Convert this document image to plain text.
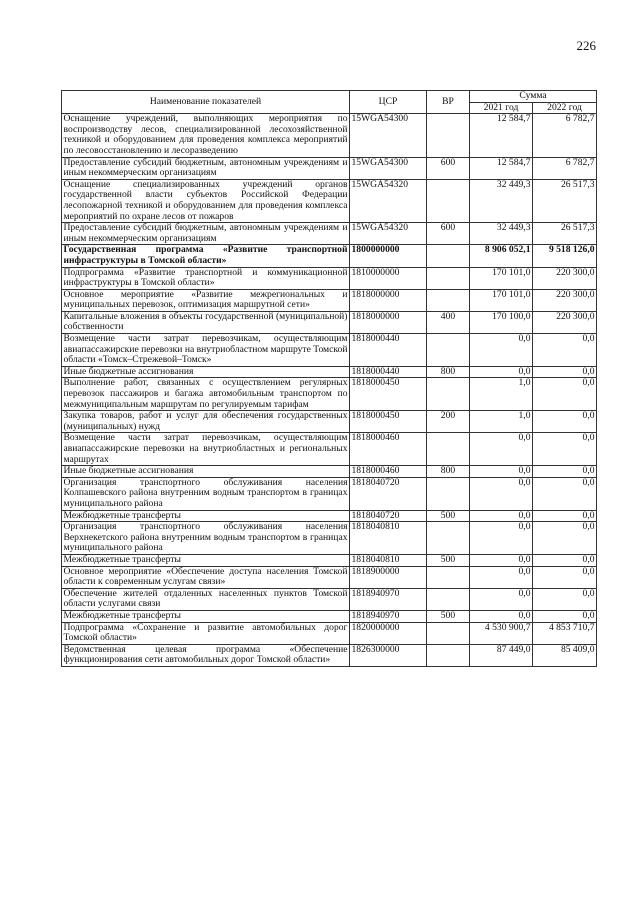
226
Наименование показателей	ЦСР	ВР	Сумма	
			2021 год	2022 год
Оснащение учреждений, выполняющих мероприятия по воспроизводству лесов, специализированной лесохозяйственной техникой и оборудованием для проведения комплекса мероприятий по лесовосстановлению и лесоразведению	15WGA54300		12 584,7	6 782,7
Предоставление субсидий бюджетным, автономным учреждениям и иным некоммерческим организациям	15WGA54300	600	12 584,7	6 782,7
Оснащение специализированных учреждений органов государственной власти субъектов Российской Федерации лесопожарной техникой и оборудованием для проведения комплекса мероприятий по охране лесов от пожаров	15WGA54320		32 449,3	26 517,3
Предоставление субсидий бюджетным, автономным учреждениям и иным некоммерческим организациям	15WGA54320	600	32 449,3	26 517,3
Государственная программа «Развитие транспортной инфраструктуры в Томской области»	1800000000		8 906 052,1	9 518 126,0
Подпрограмма «Развитие транспортной и коммуникационной инфраструктуры в Томской области»	1810000000		170 101,0	220 300,0
Основное мероприятие «Развитие межрегиональных и муниципальных перевозок, оптимизация маршрутной сети»	1818000000		170 101,0	220 300,0
Капитальные вложения в объекты государственной (муниципальной) собственности	1818000000	400	170 100,0	220 300,0
Возмещение части затрат перевозчикам, осуществляющим авиапассажирские перевозки на внутриобластном маршруте Томской области «Томск–Стрежевой–Томск»	1818000440		0,0	0,0
Иные бюджетные ассигнования	1818000440	800	0,0	0,0
Выполнение работ, связанных с осуществлением регулярных перевозок пассажиров и багажа автомобильным транспортом по межмуниципальным маршрутам по регулируемым тарифам	1818000450		1,0	0,0
Закупка товаров, работ и услуг для обеспечения государственных (муниципальных) нужд	1818000450	200	1,0	0,0
Возмещение части затрат перевозчикам, осуществляющим авиапассажирские перевозки на внутриобластных и региональных маршрутах	1818000460		0,0	0,0
Иные бюджетные ассигнования	1818000460	800	0,0	0,0
Организация транспортного обслуживания населения Колпашевского района внутренним водным транспортом в границах муниципального района	1818040720		0,0	0,0
Межбюджетные трансферты	1818040720	500	0,0	0,0
Организация транспортного обслуживания населения Верхнекетского района внутренним водным транспортом в границах муниципального района	1818040810		0,0	0,0
Межбюджетные трансферты	1818040810	500	0,0	0,0
Основное мероприятие «Обеспечение доступа населения Томской области к современным услугам связи»	1818900000		0,0	0,0
Обеспечение жителей отдаленных населенных пунктов Томской области услугами связи	1818940970		0,0	0,0
Межбюджетные трансферты	1818940970	500	0,0	0,0
Подпрограмма «Сохранение и развитие автомобильных дорог Томской области»	1820000000		4 530 900,7	4 853 710,7
Ведомственная целевая программа «Обеспечение функционирования сети автомобильных дорог Томской области»	1826300000		87 449,0	85 409,0
